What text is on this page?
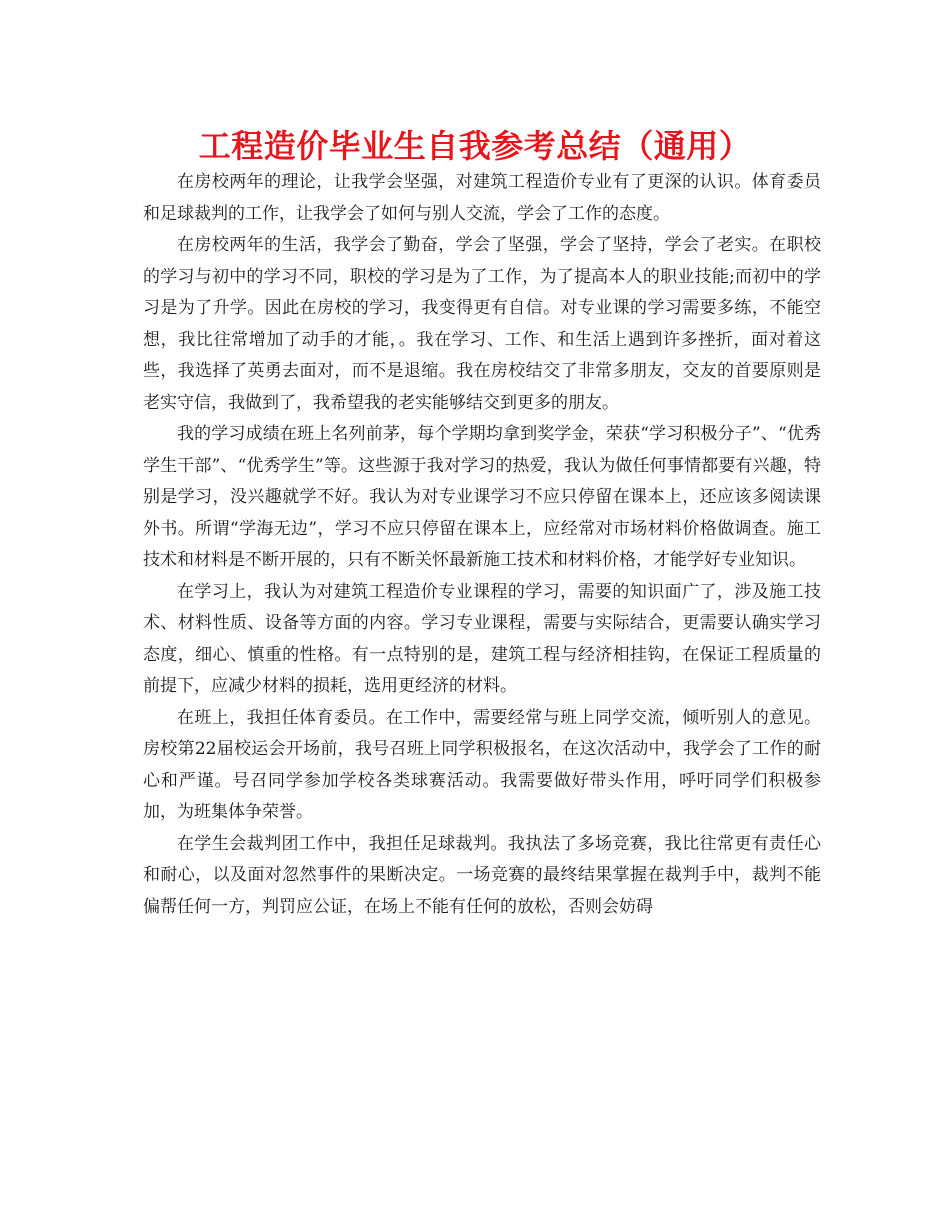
工程造价毕业生自我参考总结（通用）

在房校两年的理论，让我学会坚强，对建筑工程造价专业有了更深的认识。体育委员和足球裁判的工作，让我学会了如何与别人交流，学会了工作的态度。

在房校两年的生活，我学会了勤奋，学会了坚强，学会了坚持，学会了老实。在职校的学习与初中的学习不同，职校的学习是为了工作，为了提高本人的职业技能;而初中的学习是为了升学。因此在房校的学习，我变得更有自信。对专业课的学习需要多练，不能空想，我比往常增加了动手的才能，。我在学习、工作、和生活上遇到许多挫折，面对着这些，我选择了英勇去面对，而不是退缩。我在房校结交了非常多朋友，交友的首要原则是老实守信，我做到了，我希望我的老实能够结交到更多的朋友。

我的学习成绩在班上名列前茅，每个学期均拿到奖学金，荣获“学习积极分子”、“优秀学生干部”、“优秀学生”等。这些源于我对学习的热爱，我认为做任何事情都要有兴趣，特别是学习，没兴趣就学不好。我认为对专业课学习不应只停留在课本上，还应该多阅读课外书。所谓“学海无边”，学习不应只停留在课本上，应经常对市场材料价格做调查。施工技术和材料是不断开展的，只有不断关怀最新施工技术和材料价格，才能学好专业知识。

在学习上，我认为对建筑工程造价专业课程的学习，需要的知识面广了，涉及施工技术、材料性质、设备等方面的内容。学习专业课程，需要与实际结合，更需要认确实学习态度，细心、慎重的性格。有一点特别的是，建筑工程与经济相挂钩，在保证工程质量的前提下，应减少材料的损耗，选用更经济的材料。

在班上，我担任体育委员。在工作中，需要经常与班上同学交流，倾听别人的意见。房校第22届校运会开场前，我号召班上同学积极报名，在这次活动中，我学会了工作的耐心和严谨。号召同学参加学校各类球赛活动。我需要做好带头作用，呼吁同学们积极参加，为班集体争荣誉。

在学生会裁判团工作中，我担任足球裁判。我执法了多场竞赛，我比往常更有责任心和耐心，以及面对忽然事件的果断决定。一场竞赛的最终结果掌握在裁判手中，裁判不能偏帮任何一方，判罚应公证，在场上不能有任何的放松，否则会妨碍
